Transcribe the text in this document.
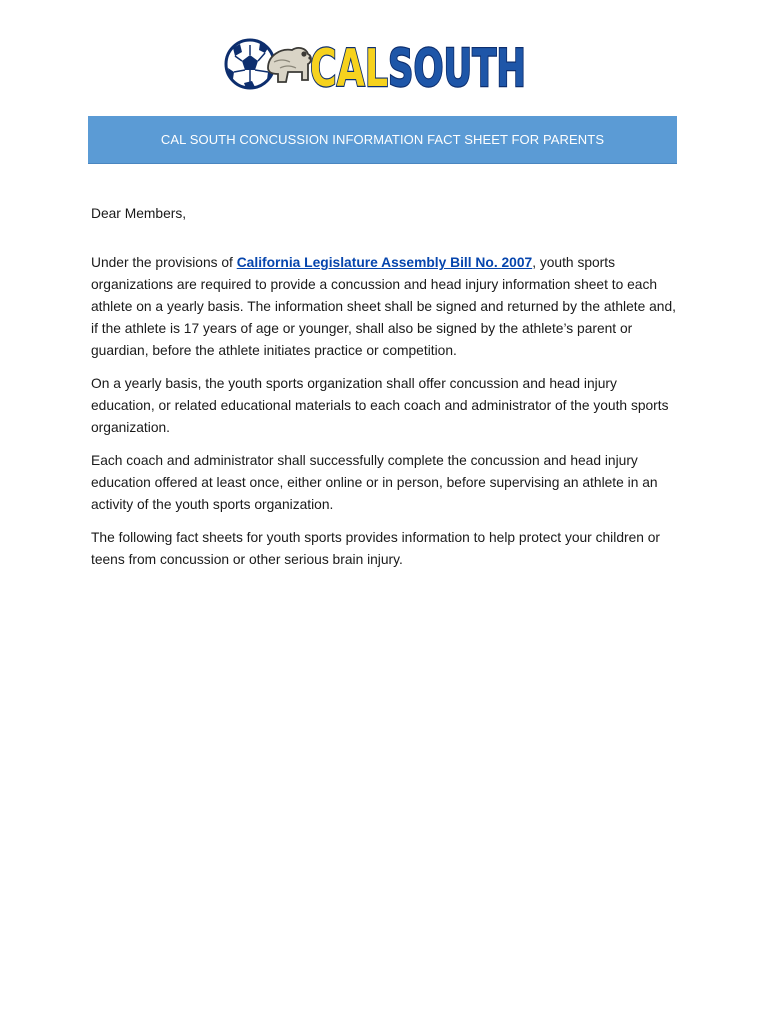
CAL SOUTH
CAL SOUTH CONCUSSION INFORMATION FACT SHEET FOR PARENTS

Dear Members,

Under the provisions of California Legislature Assembly Bill No. 2007, youth sports organizations are required to provide a concussion and head injury information sheet to each athlete on a yearly basis. The information sheet shall be signed and returned by the athlete and, if the athlete is 17 years of age or younger, shall also be signed by the athlete’s parent or guardian, before the athlete initiates practice or competition.

On a yearly basis, the youth sports organization shall offer concussion and head injury education, or related educational materials to each coach and administrator of the youth sports organization.

Each coach and administrator shall successfully complete the concussion and head injury education offered at least once, either online or in person, before supervising an athlete in an activity of the youth sports organization.

The following fact sheets for youth sports provides information to help protect your children or teens from concussion or other serious brain injury.
